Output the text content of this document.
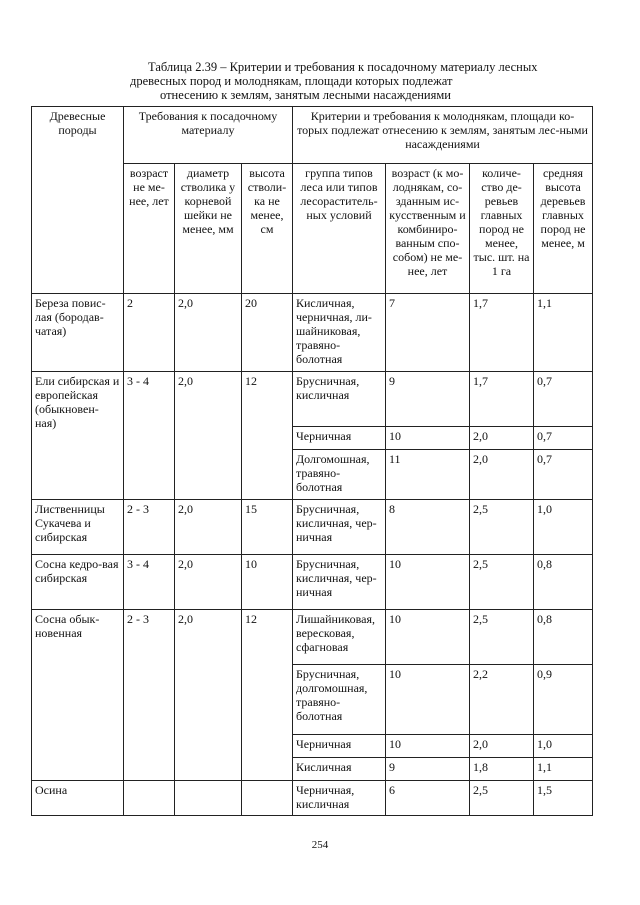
Таблица 2.39 – Критерии и требования к посадочному материалу лесных
древесных пород и молоднякам, площади которых подлежат
отнесению к землям, занятым лесными насаждениями
Древесные породы	Требования к посадочному материалу			Критерии и требования к молоднякам, площади ко-торых подлежат отнесению к землям, занятым лес-ными насаждениями			
	возраст не ме-нее, лет	диаметр стволика у корневой шейки не менее, мм	высота стволи-ка не менее, см	группа типов леса или типов лесораститель-ных условий	возраст (к мо-лоднякам, со-зданным ис-кусственным и комбиниро-ванным спо-собом) не ме-нее, лет	количе-ство де-ревьев главных пород не менее, тыс. шт. на 1 га	средняя высота деревьев главных пород не менее, м
Береза повис-лая (бородав-чатая)	2	2,0	20	Кисличная, черничная, ли-шайниковая, травяно-болотная	7	1,7	1,1
Ели сибирская и европейская (обыкновен-ная)	3 - 4	2,0	12	Брусничная, кисличная	9	1,7	0,7
				Черничная	10	2,0	0,7
				Долгомошная, травяно-болотная	11	2,0	0,7
Лиственницы Сукачева и сибирская	2 - 3	2,0	15	Брусничная, кисличная, чер-ничная	8	2,5	1,0
Сосна кедро-вая сибирская	3 - 4	2,0	10	Брусничная, кисличная, чер-ничная	10	2,5	0,8
Сосна обык-новенная	2 - 3	2,0	12	Лишайниковая, вересковая, сфагновая	10	2,5	0,8
				Брусничная, долгомошная, травяно-болотная	10	2,2	0,9
				Черничная	10	2,0	1,0
				Кисличная	9	1,8	1,1
Осина				Черничная, кисличная	6	2,5	1,5
254
